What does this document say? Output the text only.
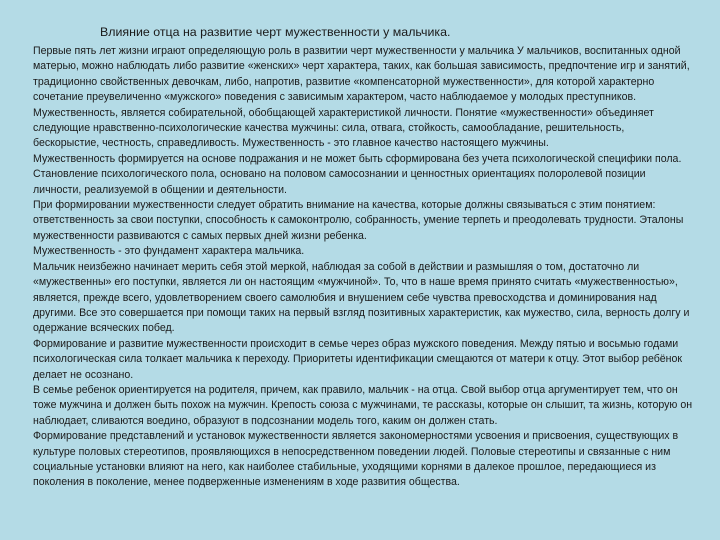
Влияние отца на развитие черт мужественности у мальчика.

Первые пять лет жизни играют определяющую роль в развитии черт мужественности у мальчика У мальчиков, воспитанных одной матерью, можно наблюдать либо развитие «женских» черт характера, таких, как большая зависимость, предпочтение игр и занятий, традиционно свойственных девочкам, либо, напротив, развитие «компенсаторной мужественности», для которой характерно сочетание преувеличенно «мужского» поведения с зависимым характером, часто наблюдаемое у молодых преступников.

Мужественность, является собирательной, обобщающей характеристикой личности. Понятие «мужественности» объединяет следующие нравственно-психологические качества мужчины: сила, отвага, стойкость, самообладание, решительность, бескорыстие, честность, справедливость. Мужественность - это главное качество настоящего мужчины.

Мужественность формируется на основе подражания и не может быть сформирована без учета психологической специфики пола. Становление психологического пола, основано на половом самосознании и ценностных ориентациях полоролевой позиции личности, реализуемой в общении и деятельности.

При формировании мужественности следует обратить внимание на качества, которые должны связываться с этим понятием: ответственность за свои поступки, способность к самоконтролю, собранность, умение терпеть и преодолевать трудности. Эталоны мужественности развиваются с самых первых дней жизни ребенка.

Мужественность - это фундамент характера мальчика.

Мальчик неизбежно начинает мерить себя этой меркой, наблюдая за собой в действии и размышляя о том, достаточно ли «мужественны» его поступки, является ли он настоящим «мужчиной». То, что в наше время принято считать «мужественностью», является, прежде всего, удовлетворением своего самолюбия и внушением себе чувства превосходства и доминирования над другими. Все это совершается при помощи таких на первый взгляд позитивных характеристик, как мужество, сила, верность долгу и одержание всяческих побед.

Формирование и развитие мужественности происходит в семье через образ мужского поведения. Между пятью и восьмью годами психологическая сила толкает мальчика к переходу. Приоритеты идентификации смещаются от матери к отцу. Этот выбор ребёнок делает не осознано.

В семье ребенок ориентируется на родителя, причем, как правило, мальчик - на отца. Свой выбор отца аргументирует тем, что он тоже мужчина и должен быть похож на мужчин. Крепость союза с мужчинами, те рассказы, которые он слышит, та жизнь, которую он наблюдает, сливаются воедино, образуют в подсознании модель того, каким он должен стать.

Формирование представлений и установок мужественности является закономерностями усвоения и присвоения, существующих в культуре половых стереотипов, проявляющихся в непосредственном поведении людей. Половые стереотипы и связанные с ним социальные установки влияют на него, как наиболее стабильные, уходящими корнями в далекое прошлое, передающиеся из поколения в поколение, менее подверженные изменениям в ходе развития общества.
